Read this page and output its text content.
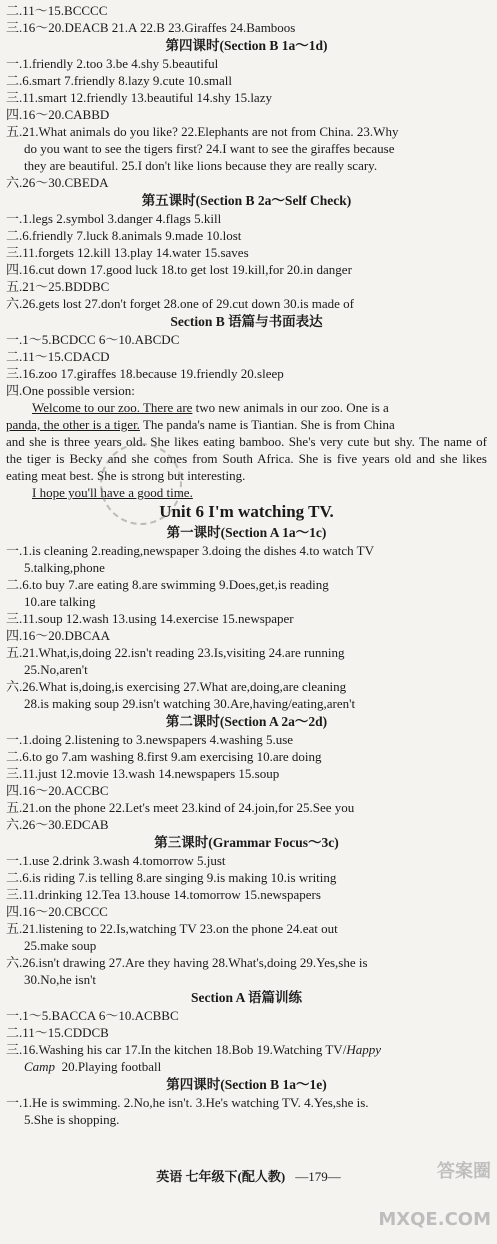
二.11～15.BCCCC
三.16～20.DEACB 21.A 22.B 23.Giraffes 24.Bamboos
第四课时(Section B 1a～1d)
一.1.friendly 2.too 3.be 4.shy 5.beautiful
二.6.smart 7.friendly 8.lazy 9.cute 10.small
三.11.smart 12.friendly 13.beautiful 14.shy 15.lazy
四.16～20.CABBD
五.21.What animals do you like? 22.Elephants are not from China. 23.Why
do you want to see the tigers first? 24.I want to see the giraffes because
they are beautiful. 25.I don't like lions because they are really scary.
六.26～30.CBEDA
第五课时(Section B 2a～Self Check)
一.1.legs 2.symbol 3.danger 4.flags 5.kill
二.6.friendly 7.luck 8.animals 9.made 10.lost
三.11.forgets 12.kill 13.play 14.water 15.saves
四.16.cut down 17.good luck 18.to get lost 19.kill,for 20.in danger
五.21～25.BDDBC
六.26.gets lost 27.don't forget 28.one of 29.cut down 30.is made of
Section B 语篇与书面表达
一.1～5.BCDCC 6～10.ABCDC
二.11～15.CDACD
三.16.zoo 17.giraffes 18.because 19.friendly 20.sleep
四.One possible version:
Welcome to our zoo. There are two new animals in our zoo. One is a
panda, the other is a tiger. The panda's name is Tiantian. She is from China
and she is three years old. She likes eating bamboo. She's very cute but shy. The name of the tiger is Becky and she comes from South Africa. She is five years old and she likes eating meat best. She is strong but interesting.
I hope you'll have a good time.
Unit 6 I'm watching TV.
第一课时(Section A 1a～1c)
一.1.is cleaning 2.reading,newspaper 3.doing the dishes 4.to watch TV
5.talking,phone
二.6.to buy 7.are eating 8.are swimming 9.Does,get,is reading
10.are talking
三.11.soup 12.wash 13.using 14.exercise 15.newspaper
四.16～20.DBCAA
五.21.What,is,doing 22.isn't reading 23.Is,visiting 24.are running
25.No,aren't
六.26.What is,doing,is exercising 27.What are,doing,are cleaning
28.is making soup 29.isn't watching 30.Are,having/eating,aren't
第二课时(Section A 2a～2d)
一.1.doing 2.listening to 3.newspapers 4.washing 5.use
二.6.to go 7.am washing 8.first 9.am exercising 10.are doing
三.11.just 12.movie 13.wash 14.newspapers 15.soup
四.16～20.ACCBC
五.21.on the phone 22.Let's meet 23.kind of 24.join,for 25.See you
六.26～30.EDCAB
第三课时(Grammar Focus～3c)
一.1.use 2.drink 3.wash 4.tomorrow 5.just
二.6.is riding 7.is telling 8.are singing 9.is making 10.is writing
三.11.drinking 12.Tea 13.house 14.tomorrow 15.newspapers
四.16～20.CBCCC
五.21.listening to 22.Is,watching TV 23.on the phone 24.eat out
25.make soup
六.26.isn't drawing 27.Are they having 28.What's,doing 29.Yes,she is
30.No,he isn't
Section A 语篇训练
一.1～5.BACCA 6～10.ACBBC
二.11～15.CDDCB
三.16.Washing his car 17.In the kitchen 18.Bob 19.Watching TV/Happy
Camp 20.Playing football
第四课时(Section B 1a～1e)
一.1.He is swimming. 2.No,he isn't. 3.He's watching TV. 4.Yes,she is.
5.She is shopping.
英语 七年级下(配人教) —179—	答案圈 MXQE.COM
